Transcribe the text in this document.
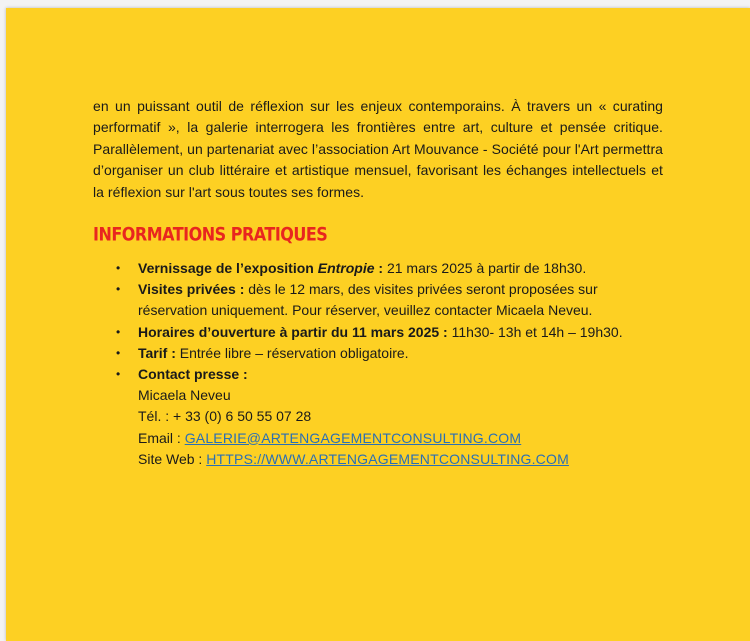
en un puissant outil de réflexion sur les enjeux contemporains. À travers un « curating performatif », la galerie interrogera les frontières entre art, culture et pensée critique. Parallèlement, un partenariat avec l’association Art Mouvance - Société pour l'Art permettra d’organiser un club littéraire et artistique mensuel, favorisant les échanges intellectuels et la réflexion sur l'art sous toutes ses formes.

INFORMATIONS PRATIQUES
• Vernissage de l’exposition Entropie : 21 mars 2025 à partir de 18h30.
• Visites privées : dès le 12 mars, des visites privées seront proposées sur réservation uniquement. Pour réserver, veuillez contacter Micaela Neveu.
• Horaires d’ouverture à partir du 11 mars 2025 : 11h30- 13h et 14h – 19h30.
• Tarif : Entrée libre – réservation obligatoire.
• Contact presse :
Micaela Neveu
Tél. : + 33 (0) 6 50 55 07 28
Email : GALERIE@ARTENGAGEMENTCONSULTING.COM
Site Web : HTTPS://WWW.ARTENGAGEMENTCONSULTING.COM
